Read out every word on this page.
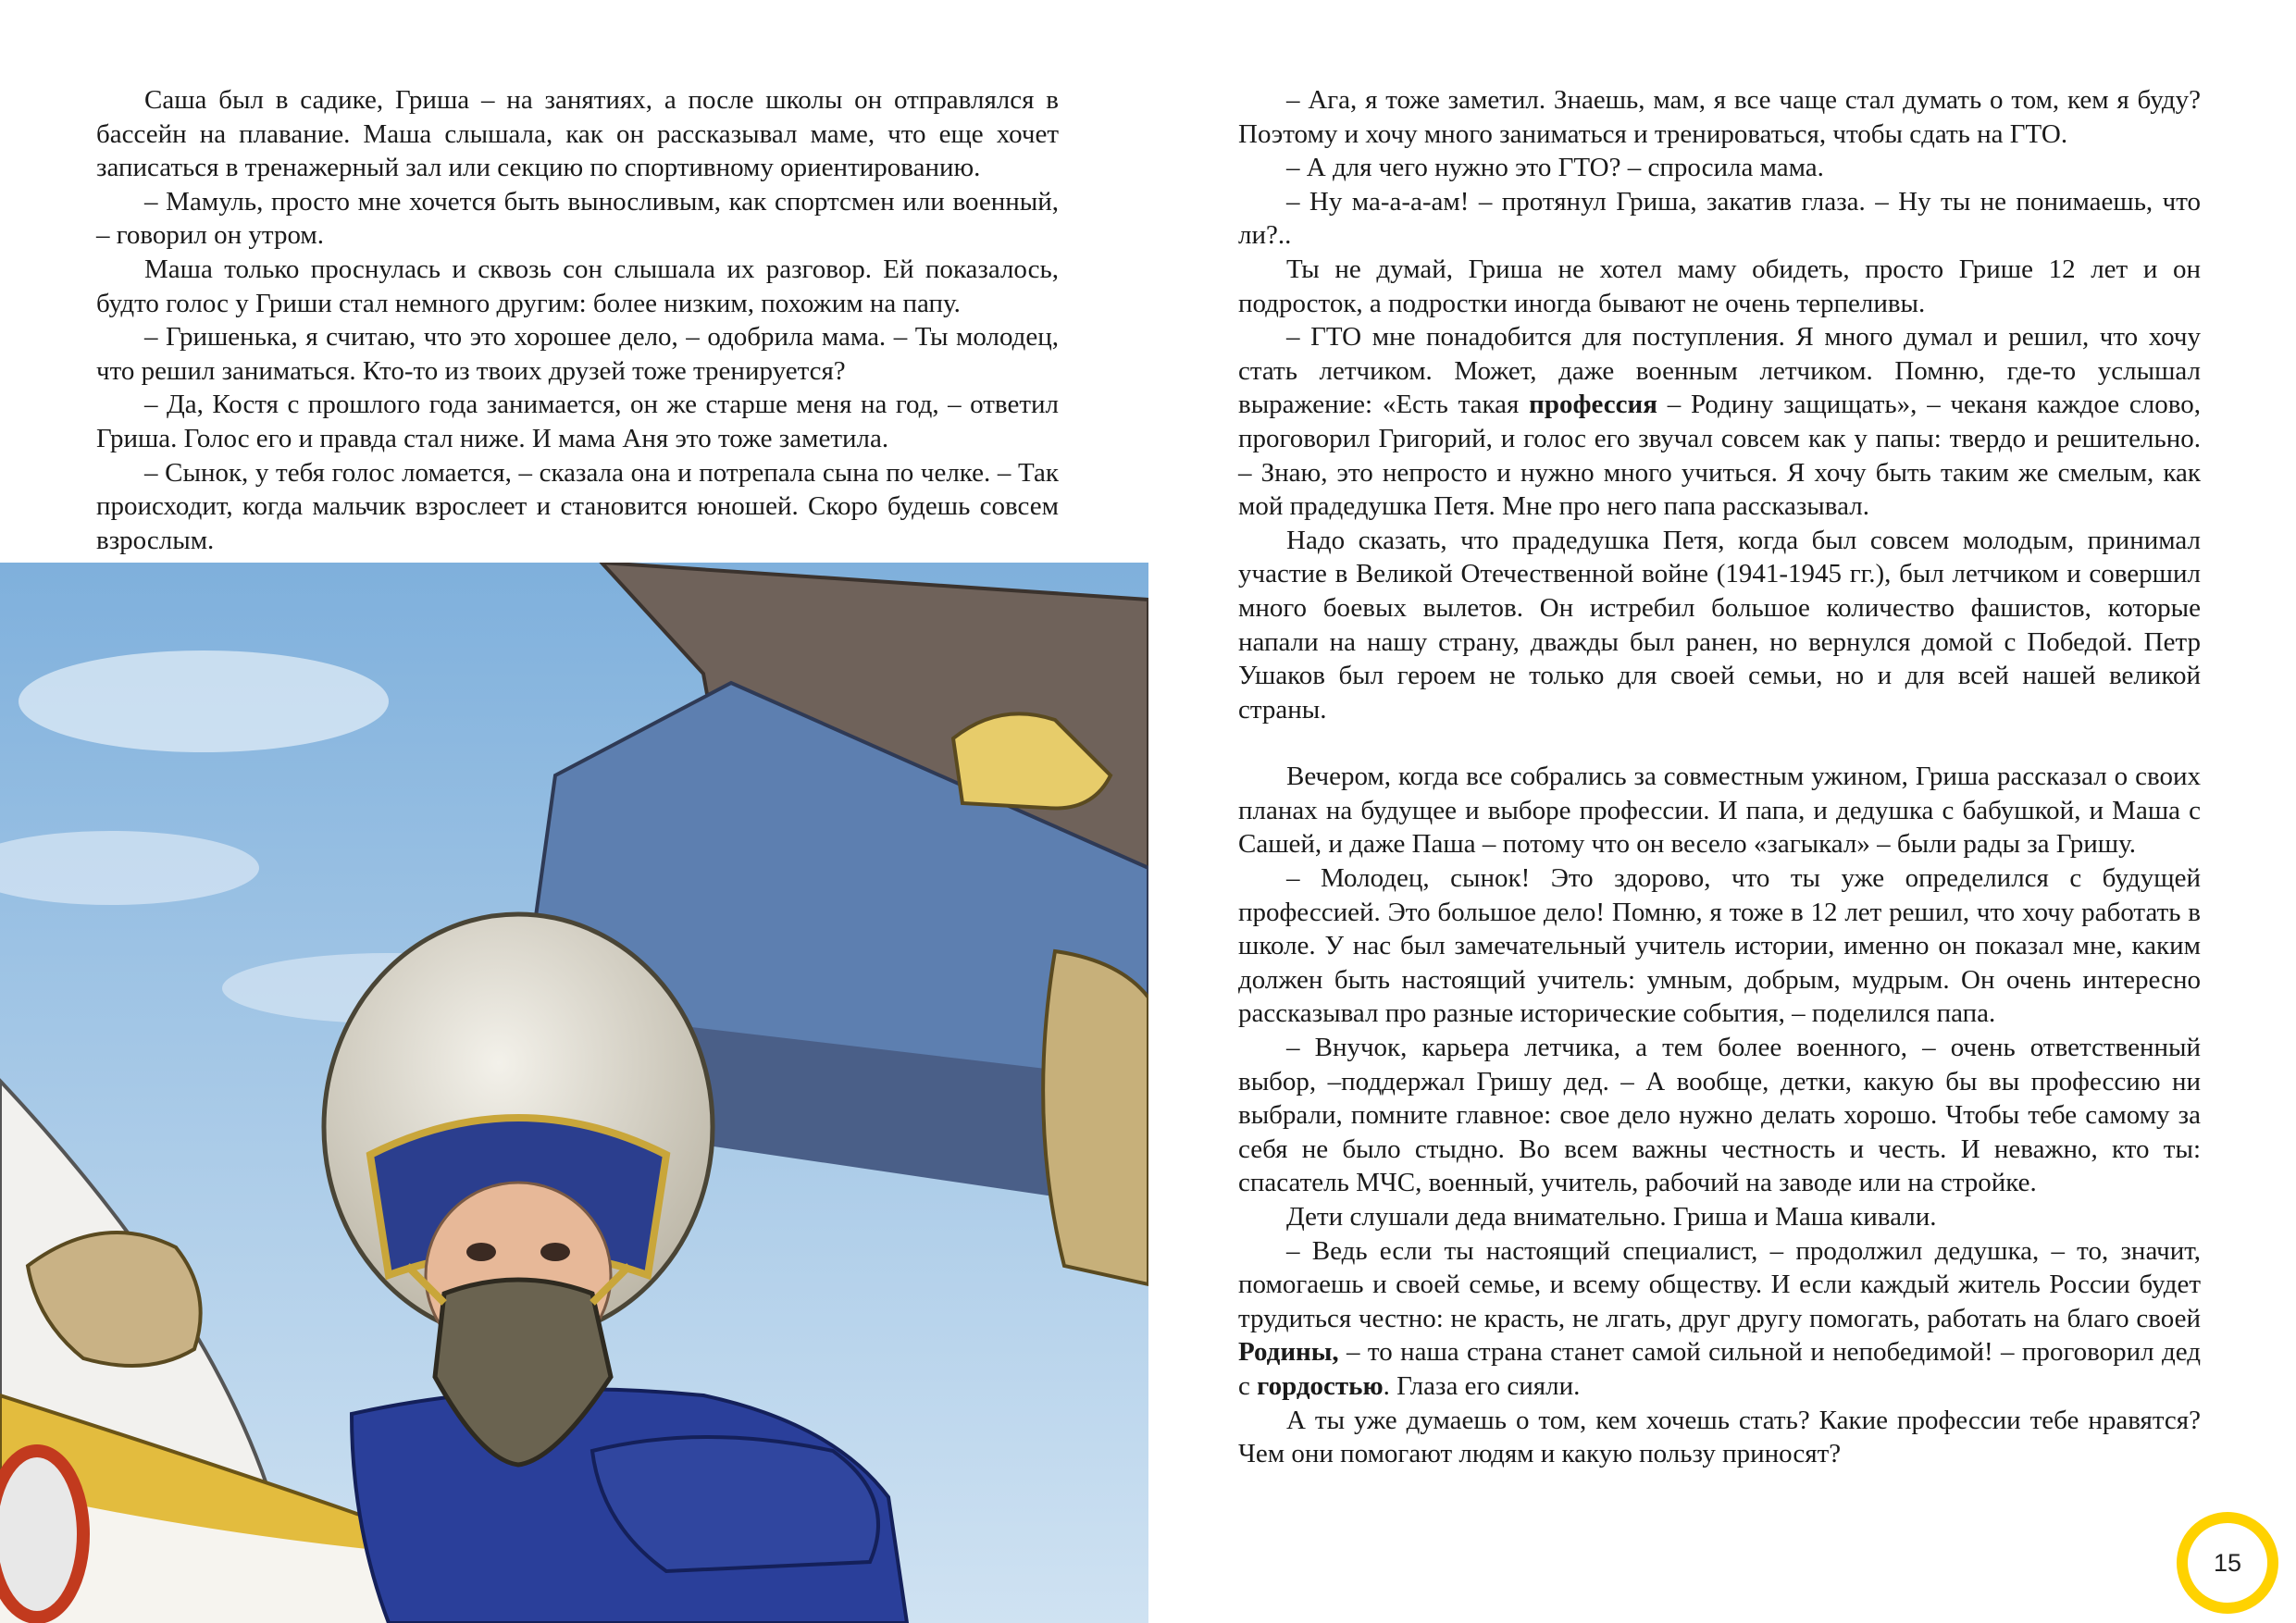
Саша был в садике, Гриша – на занятиях, а после школы он отправлялся в бассейн на плавание. Маша слышала, как он рассказывал маме, что еще хочет записаться в тренажерный зал или секцию по спортивному ориентированию.

– Мамуль, просто мне хочется быть выносливым, как спортсмен или военный, – говорил он утром.

Маша только проснулась и сквозь сон слышала их разговор. Ей показалось, будто голос у Гриши стал немного другим: более низким, похожим на папу.

– Гришенька, я считаю, что это хорошее дело, – одобрила мама. – Ты молодец, что решил заниматься. Кто-то из твоих друзей тоже тренируется?

– Да, Костя с прошлого года занимается, он же старше меня на год, – ответил Гриша. Голос его и правда стал ниже. И мама Аня это тоже заметила.

– Сынок, у тебя голос ломается, – сказала она и потрепала сына по челке. – Так происходит, когда мальчик взрослеет и становится юношей. Скоро будешь совсем взрослым.

– Ага, я тоже заметил. Знаешь, мам, я все чаще стал думать о том, кем я буду? Поэтому и хочу много заниматься и тренироваться, чтобы сдать на ГТО.

– А для чего нужно это ГТО? – спросила мама.

– Ну ма-а-а-ам! – протянул Гриша, закатив глаза. – Ну ты не понимаешь, что ли?..

Ты не думай, Гриша не хотел маму обидеть, просто Грише 12 лет и он подросток, а подростки иногда бывают не очень терпеливы.

– ГТО мне понадобится для поступления. Я много думал и решил, что хочу стать летчиком. Может, даже военным летчиком. Помню, где-то услышал выражение: «Есть такая профессия – Родину защищать», – чеканя каждое слово, проговорил Григорий, и голос его звучал совсем как у папы: твердо и решительно. – Знаю, это непросто и нужно много учиться. Я хочу быть таким же смелым, как мой прадедушка Петя. Мне про него папа рассказывал.

Надо сказать, что прадедушка Петя, когда был совсем молодым, принимал участие в Великой Отечественной войне (1941-1945 гг.), был летчиком и совершил много боевых вылетов. Он истребил большое количество фашистов, которые напали на нашу страну, дважды был ранен, но вернулся домой с Победой. Петр Ушаков был героем не только для своей семьи, но и для всей нашей великой страны.

Вечером, когда все собрались за совместным ужином, Гриша рассказал о своих планах на будущее и выборе профессии. И папа, и дедушка с бабушкой, и Маша с Сашей, и даже Паша – потому что он весело «загыкал» – были рады за Гришу.

– Молодец, сынок! Это здорово, что ты уже определился с будущей профессией. Это большое дело! Помню, я тоже в 12 лет решил, что хочу работать в школе. У нас был замечательный учитель истории, именно он показал мне, каким должен быть настоящий учитель: умным, добрым, мудрым. Он очень интересно рассказывал про разные исторические события, – поделился папа.

– Внучок, карьера летчика, а тем более военного, – очень ответственный выбор, –поддержал Гришу дед. – А вообще, детки, какую бы вы профессию ни выбрали, помните главное: свое дело нужно делать хорошо. Чтобы тебе самому за себя не было стыдно. Во всем важны честность и честь. И неважно, кто ты: спасатель МЧС, военный, учитель, рабочий на заводе или на стройке.

Дети слушали деда внимательно. Гриша и Маша кивали.

– Ведь если ты настоящий специалист, – продолжил дедушка, – то, значит, помогаешь и своей семье, и всему обществу. И если каждый житель России будет трудиться честно: не красть, не лгать, друг другу помогать, работать на благо своей Родины, – то наша страна станет самой сильной и непобедимой! – проговорил дед с гордостью. Глаза его сияли.

А ты уже думаешь о том, кем хочешь стать? Какие профессии тебе нравятся? Чем они помогают людям и какую пользу приносят?

15
